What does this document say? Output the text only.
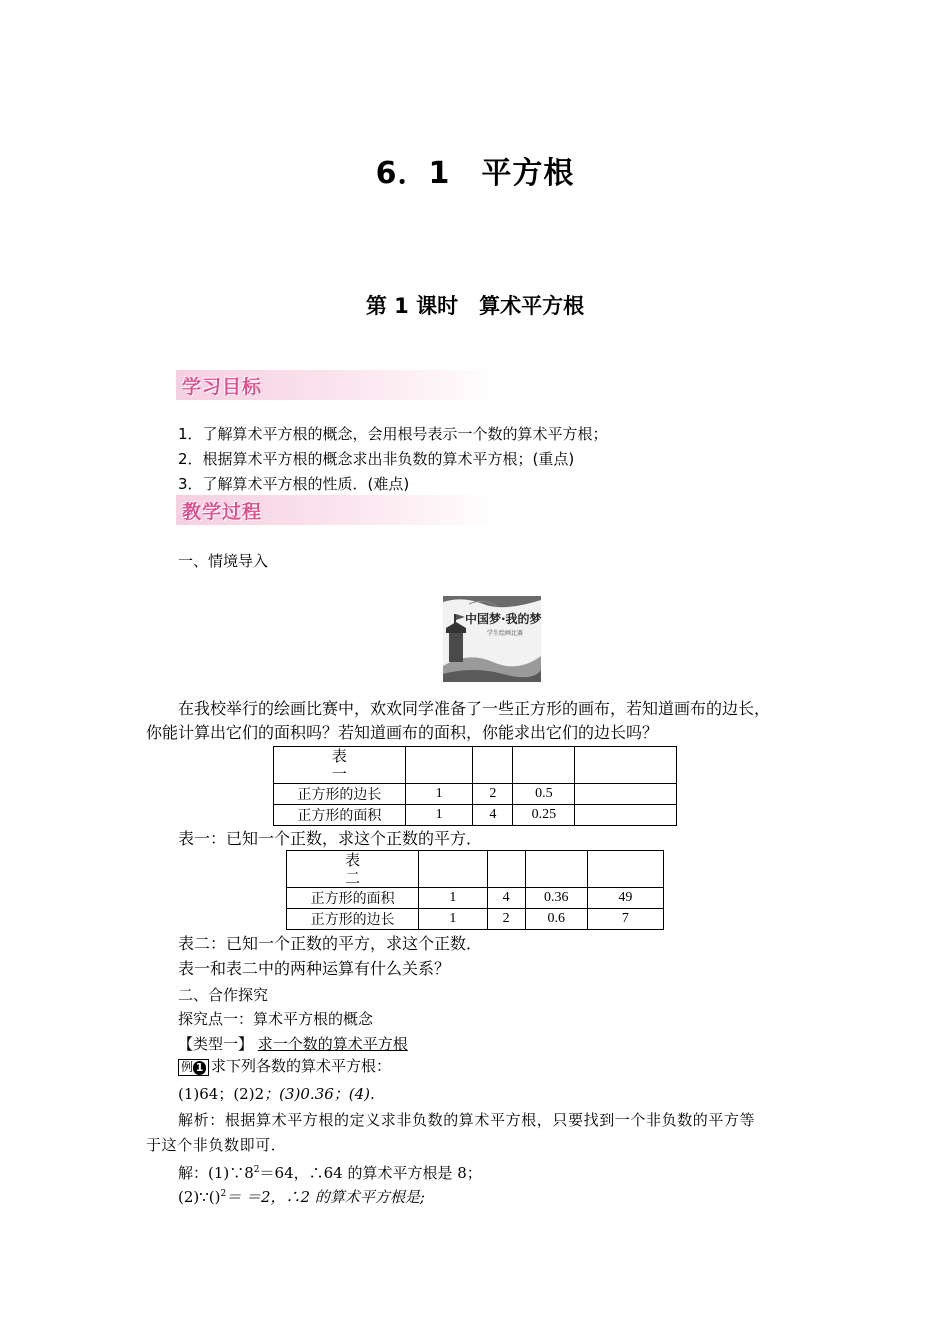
6．1　平方根
第 1 课时　算术平方根
学习目标
1．了解算术平方根的概念，会用根号表示一个数的算术平方根；
2．根据算术平方根的概念求出非负数的算术平方根；(重点)
3．了解算术平方根的性质．(难点)
教学过程
一、情境导入
中国梦·我的梦
学生绘画比赛
在我校举行的绘画比赛中，欢欢同学准备了一些正方形的画布，若知道画布的边长，
你能计算出它们的面积吗？若知道画布的面积，你能求出它们的边长吗？
表
一				

正方形的边长	1	2	0.5	
正方形的面积	1	4	0.25	
表一：已知一个正数，求这个正数的平方．
表
二				

正方形的面积	1	4	0.36	49
正方形的边长	1	2	0.6	7
表二：已知一个正数的平方，求这个正数．
表一和表二中的两种运算有什么关系？
二、合作探究
探究点一：算术平方根的概念
【类型一】 求一个数的算术平方根
例 1 求下列各数的算术平方根：
(1)64；(2)2；(3)0.36；(4).
解析：根据算术平方根的定义求非负数的算术平方根，只要找到一个非负数的平方等
于这个非负数即可．
解：$(1)\because 8^2=64$，∴64 的算术平方根是 8；
(2)∵()$^2$＝ ＝2，∴2 的算术平方根是;
